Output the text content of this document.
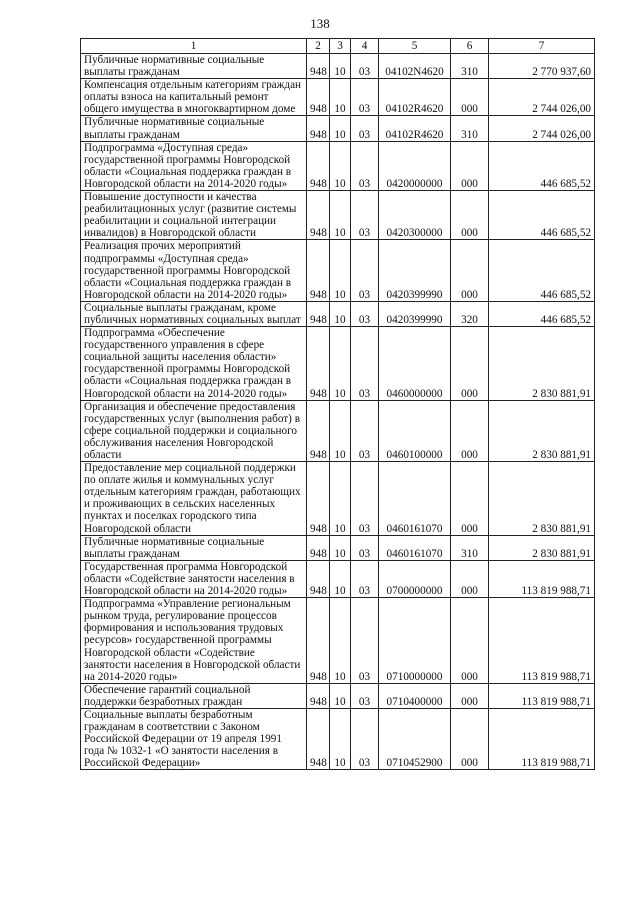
138
1	2	3	4	5	6	7
Публичные нормативные социальные выплаты гражданам	948	10	03	04102N4620	310	2 770 937,60
Компенсация отдельным категориям граждан оплаты взноса на капитальный ремонт общего имущества в многоквартирном доме	948	10	03	04102R4620	000	2 744 026,00
Публичные нормативные социальные выплаты гражданам	948	10	03	04102R4620	310	2 744 026,00
Подпрограмма «Доступная среда» государственной программы Новгородской области «Социальная поддержка граждан в Новгородской области на 2014-2020 годы»	948	10	03	0420000000	000	446 685,52
Повышение доступности и качества реабилитационных услуг (развитие системы реабилитации и социальной интеграции инвалидов) в Новгородской области	948	10	03	0420300000	000	446 685,52
Реализация прочих мероприятий подпрограммы «Доступная среда» государственной программы Новгородской области «Социальная поддержка граждан в Новгородской области на 2014-2020 годы»	948	10	03	0420399990	000	446 685,52
Социальные выплаты гражданам, кроме публичных нормативных социальных выплат	948	10	03	0420399990	320	446 685,52
Подпрограмма «Обеспечение государственного управления в сфере социальной защиты населения области» государственной программы Новгородской области «Социальная поддержка граждан в Новгородской области на 2014-2020 годы»	948	10	03	0460000000	000	2 830 881,91
Организация и обеспечение предоставления государственных услуг (выполнения работ) в сфере социальной поддержки и социального обслуживания населения Новгородской области	948	10	03	0460100000	000	2 830 881,91
Предоставление мер социальной поддержки по оплате жилья и коммунальных услуг отдельным категориям граждан, работающих и проживающих в сельских населенных пунктах и поселках городского типа Новгородской области	948	10	03	0460161070	000	2 830 881,91
Публичные нормативные социальные выплаты гражданам	948	10	03	0460161070	310	2 830 881,91
Государственная программа Новгородской области «Содействие занятости населения в Новгородской области на 2014-2020 годы»	948	10	03	0700000000	000	113 819 988,71
Подпрограмма «Управление региональным рынком труда, регулирование процессов формирования и использования трудовых ресурсов» государственной программы Новгородской области «Содействие занятости населения в Новгородской области на 2014-2020 годы»	948	10	03	0710000000	000	113 819 988,71
Обеспечение гарантий социальной поддержки безработных граждан	948	10	03	0710400000	000	113 819 988,71
Социальные выплаты безработным гражданам в соответствии с Законом Российской Федерации от 19 апреля 1991 года № 1032-1 «О занятости населения в Российской Федерации»	948	10	03	0710452900	000	113 819 988,71
